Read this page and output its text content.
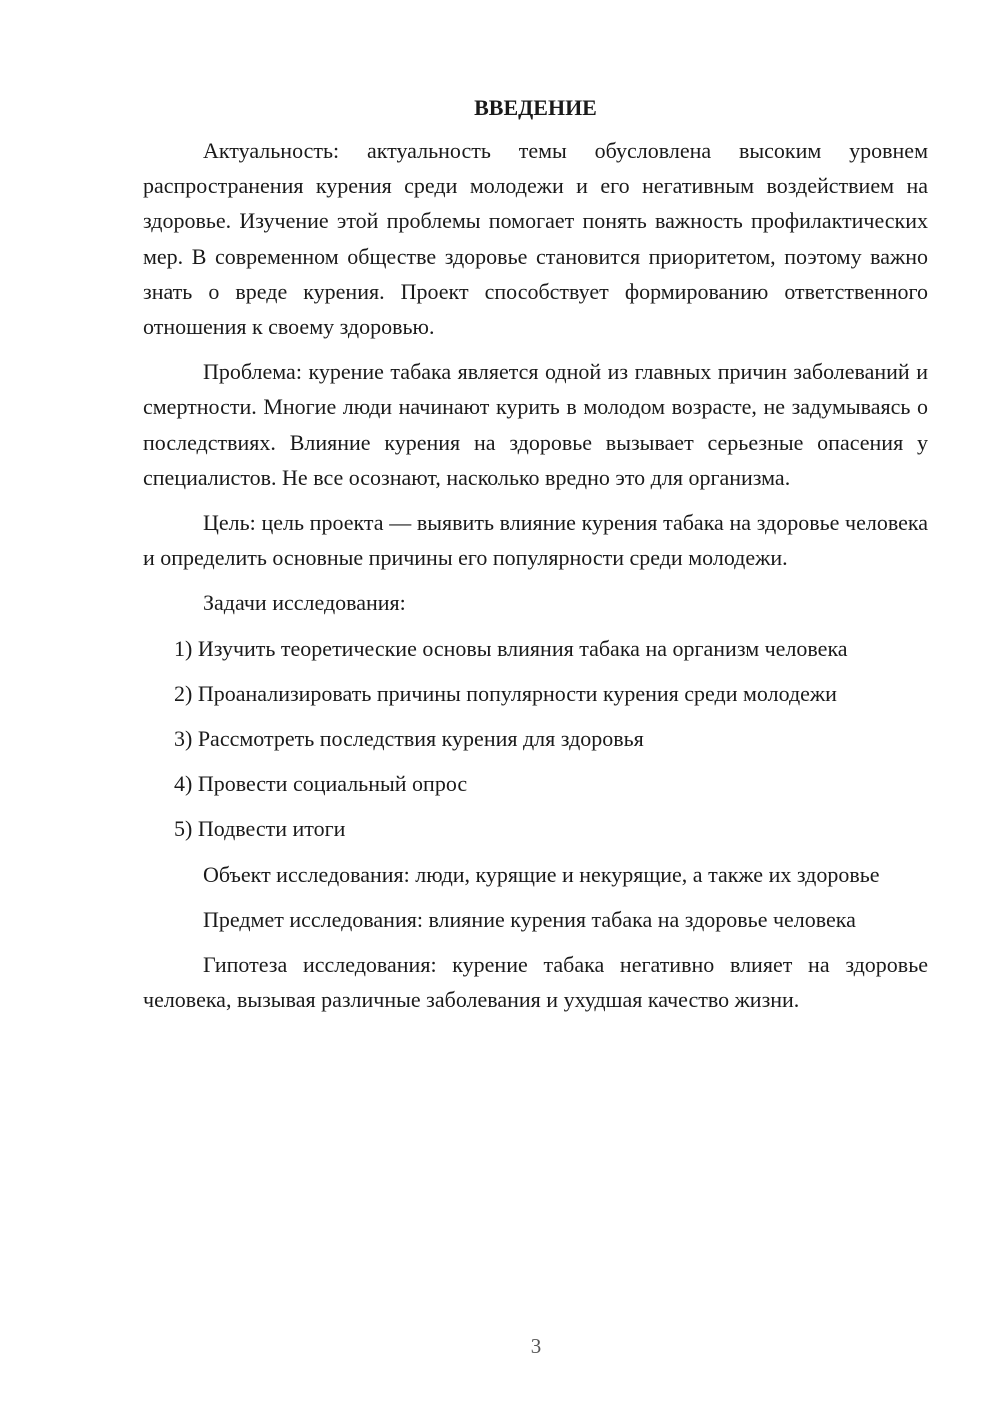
ВВЕДЕНИЕ

Актуальность: актуальность темы обусловлена высоким уровнем распространения курения среди молодежи и его негативным воздействием на здоровье. Изучение этой проблемы помогает понять важность профилактических мер. В современном обществе здоровье становится приоритетом, поэтому важно знать о вреде курения. Проект способствует формированию ответственного отношения к своему здоровью.

Проблема: курение табака является одной из главных причин заболеваний и смертности. Многие люди начинают курить в молодом возрасте, не задумываясь о последствиях. Влияние курения на здоровье вызывает серьезные опасения у специалистов. Не все осознают, насколько вредно это для организма.

Цель: цель проекта — выявить влияние курения табака на здоровье человека и определить основные причины его популярности среди молодежи.

Задачи исследования:

1) Изучить теоретические основы влияния табака на организм человека

2) Проанализировать причины популярности курения среди молодежи

3) Рассмотреть последствия курения для здоровья

4) Провести социальный опрос

5) Подвести итоги

Объект исследования: люди, курящие и некурящие, а также их здоровье

Предмет исследования: влияние курения табака на здоровье человека

Гипотеза исследования: курение табака негативно влияет на здоровье человека, вызывая различные заболевания и ухудшая качество жизни.

3
